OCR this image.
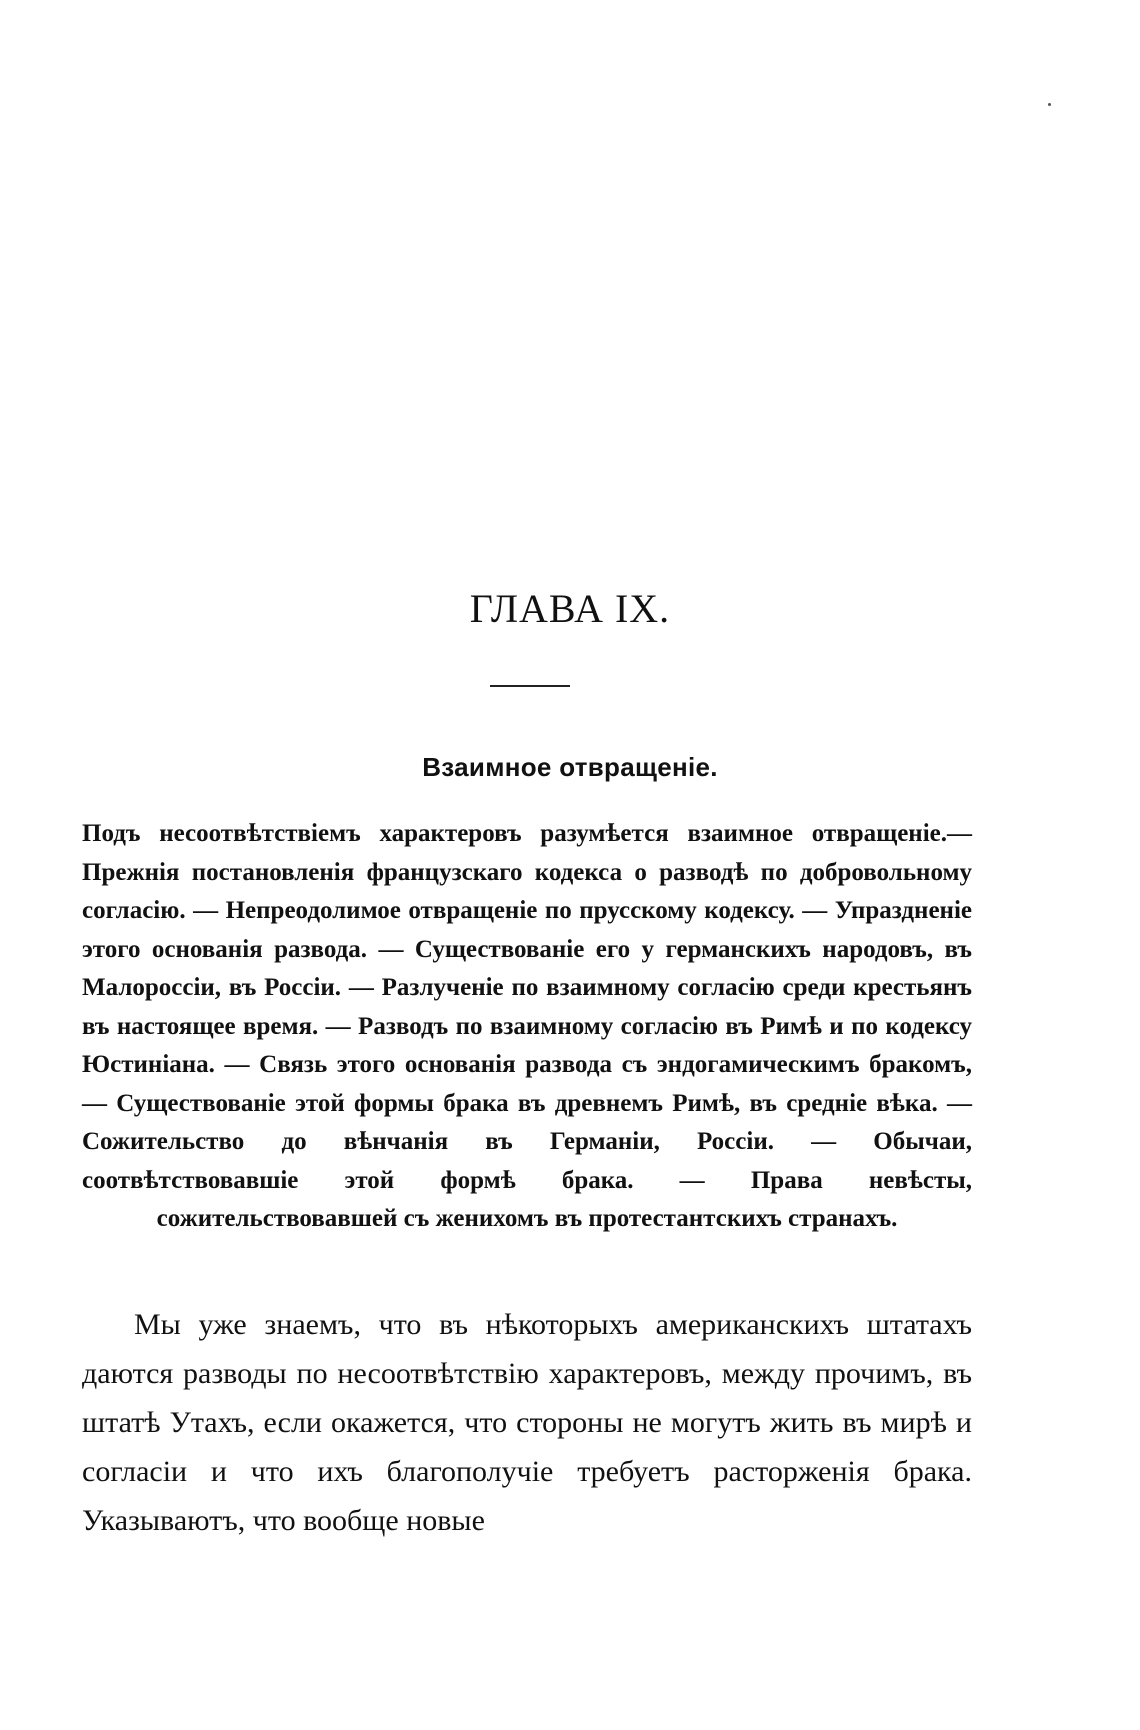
ГЛАВА IX.
Взаимное отвращеніе.

Подъ несоотвѣтствіемъ характеровъ разумѣется взаимное отвращеніе.—Прежнія постановленія французскаго кодекса о разводѣ по добровольному согласію. — Непреодолимое отвращеніе по прусскому кодексу. — Упраздненіе этого основанія развода. — Существованіе его у германскихъ народовъ, въ Малороссіи, въ Россіи. — Разлученіе по взаимному согласію среди крестьянъ въ настоящее время. — Разводъ по взаимному согласію въ Римѣ и по кодексу Юстиніана. — Связь этого основанія развода съ эндогамическимъ бракомъ, — Существованіе этой формы брака въ древнемъ Римѣ, въ средніе вѣка. — Сожительство до вѣнчанія въ Германіи, Россіи. — Обычаи, соотвѣтствовавшіе этой формѣ брака. — Права невѣсты, сожительствовавшей съ женихомъ въ протестантскихъ странахъ.

Мы уже знаемъ, что въ нѣкоторыхъ американскихъ штатахъ даются разводы по несоотвѣтствію характеровъ, между прочимъ, въ штатѣ Утахъ, если окажется, что стороны не могутъ жить въ мирѣ и согласіи и что ихъ благополучіе требуетъ расторженія брака. Указываютъ, что вообще новые
